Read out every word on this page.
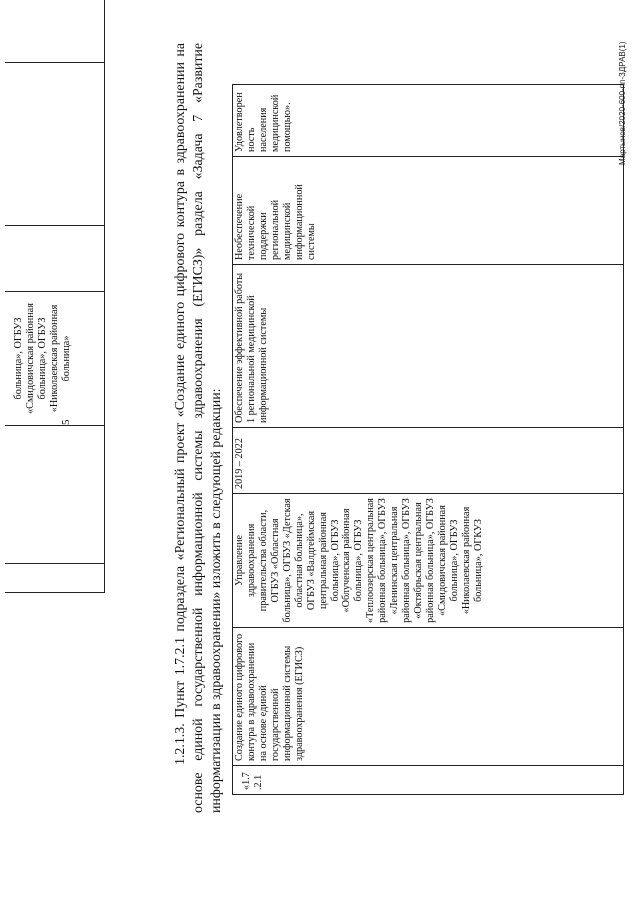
5
		больница», ОГБУЗ «Смидовичская районная больница», ОГБУЗ «Николаевская районная больница»				

1.2.1.3. Пункт 1.7.2.1 подраздела «Региональный проект «Создание единого цифрового контура в здравоохранении на основе единой государственной информационной системы здравоохранения (ЕГИСЗ)» раздела «Задача 7 «Развитие информатизации в здравоохранении» изложить в следующей редакции: «1.7.2.1	Создание единого цифрового контура в здравоохранении на основе единой государственной информационной системы здравоохранения (ЕГИСЗ)	Управление здравоохранения правительства области, ОГБУЗ «Областная больница», ОГБУЗ «Детская областная больница», ОГБУЗ «Валдгеймская центральная районная больница», ОГБУЗ «Облученская районная больница», ОГБУЗ «Теплоозерская центральная районная больница», ОГБУЗ «Ленинская центральная районная больница», ОГБУЗ «Октябрьская центральная районная больница», ОГБУЗ «Смидовичская районная больница», ОГБУЗ «Николаевская районная больница», ОГКУЗ	2019 – 2022	Обеспечение эффективной работы 1 региональной медицинской информационной системы	Необеспечение технической поддержки региональной медицинской информационной системы	Удовлетворенность населения медицинской помощью».	Мартынов/2020-600-пп-ЗДРАВ(1)
